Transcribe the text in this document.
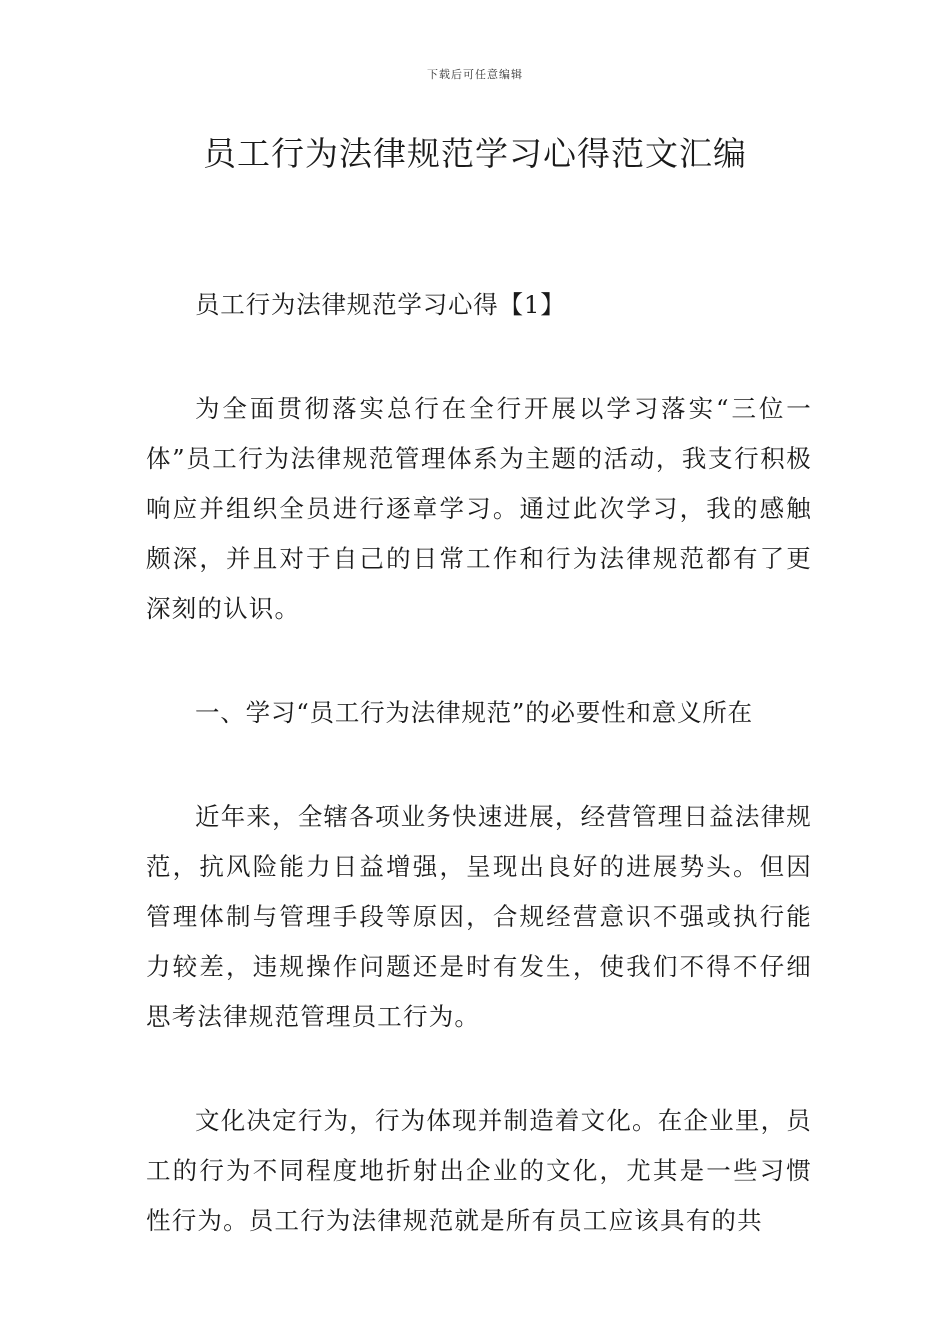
下载后可任意编辑
员工行为法律规范学习心得范文汇编

员工行为法律规范学习心得【1】

为全面贯彻落实总行在全行开展以学习落实“三位一体”员工行为法律规范管理体系为主题的活动，我支行积极响应并组织全员进行逐章学习。通过此次学习，我的感触颇深，并且对于自己的日常工作和行为法律规范都有了更深刻的认识。

一、学习“员工行为法律规范”的必要性和意义所在

近年来，全辖各项业务快速进展，经营管理日益法律规范，抗风险能力日益增强，呈现出良好的进展势头。但因管理体制与管理手段等原因，合规经营意识不强或执行能力较差，违规操作问题还是时有发生，使我们不得不仔细思考法律规范管理员工行为。

文化决定行为，行为体现并制造着文化。在企业里，员工的行为不同程度地折射出企业的文化，尤其是一些习惯性行为。员工行为法律规范就是所有员工应该具有的共
